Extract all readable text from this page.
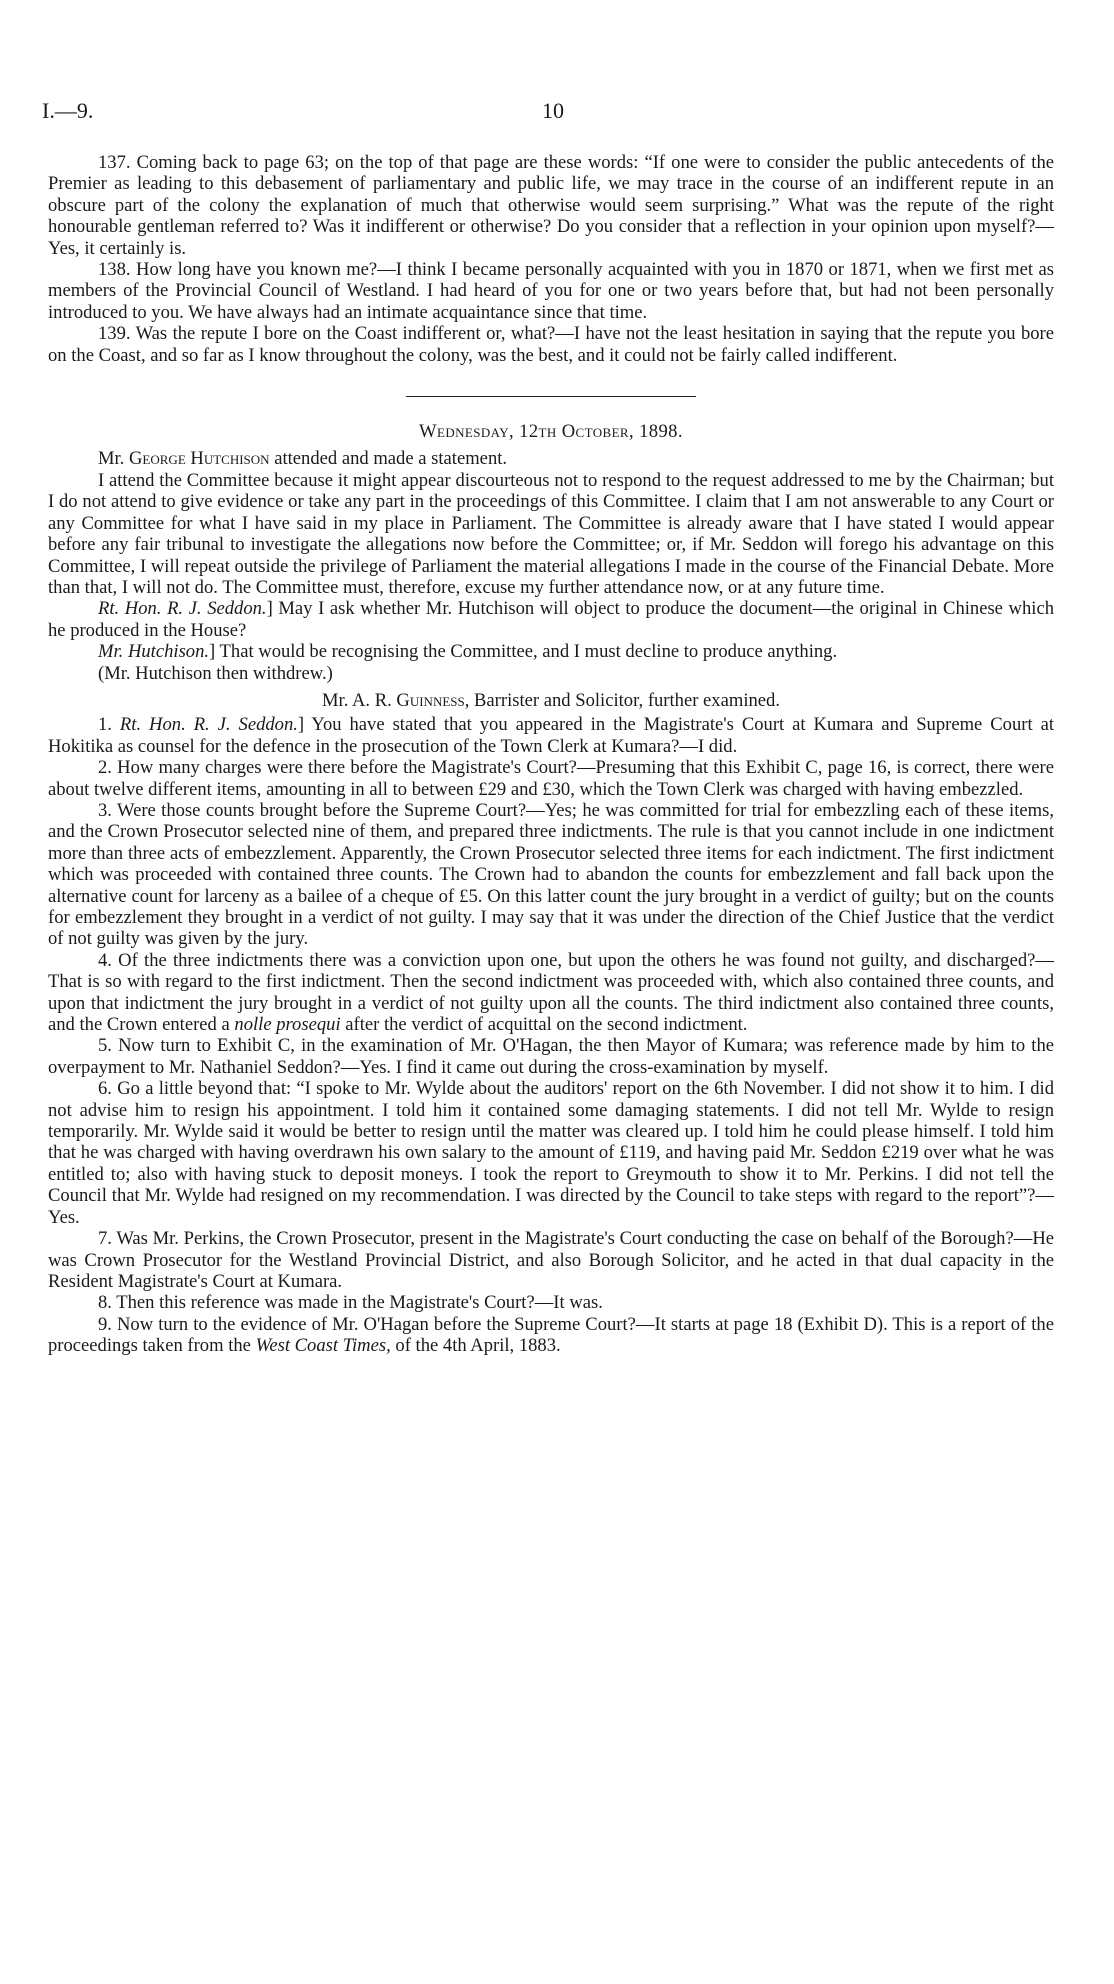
I.—9.	10

137. Coming back to page 63; on the top of that page are these words: “If one were to consider the public antecedents of the Premier as leading to this debasement of parliamentary and public life, we may trace in the course of an indifferent repute in an obscure part of the colony the explanation of much that otherwise would seem surprising.” What was the repute of the right honourable gentleman referred to? Was it indifferent or otherwise? Do you consider that a reflection in your opinion upon myself?—Yes, it certainly is.

138. How long have you known me?—I think I became personally acquainted with you in 1870 or 1871, when we first met as members of the Provincial Council of Westland. I had heard of you for one or two years before that, but had not been personally introduced to you. We have always had an intimate acquaintance since that time.

139. Was the repute I bore on the Coast indifferent or, what?—I have not the least hesitation in saying that the repute you bore on the Coast, and so far as I know throughout the colony, was the best, and it could not be fairly called indifferent.

Wednesday, 12th October, 1898.

Mr. George Hutchison attended and made a statement.

I attend the Committee because it might appear discourteous not to respond to the request addressed to me by the Chairman; but I do not attend to give evidence or take any part in the proceedings of this Committee. I claim that I am not answerable to any Court or any Committee for what I have said in my place in Parliament. The Committee is already aware that I have stated I would appear before any fair tribunal to investigate the allegations now before the Committee; or, if Mr. Seddon will forego his advantage on this Committee, I will repeat outside the privilege of Parliament the material allegations I made in the course of the Financial Debate. More than that, I will not do. The Committee must, therefore, excuse my further attendance now, or at any future time.

Rt. Hon. R. J. Seddon.] May I ask whether Mr. Hutchison will object to produce the document—the original in Chinese which he produced in the House?

Mr. Hutchison.] That would be recognising the Committee, and I must decline to produce anything.

(Mr. Hutchison then withdrew.)

Mr. A. R. Guinness, Barrister and Solicitor, further examined.

1. Rt. Hon. R. J. Seddon.] You have stated that you appeared in the Magistrate's Court at Kumara and Supreme Court at Hokitika as counsel for the defence in the prosecution of the Town Clerk at Kumara?—I did.

2. How many charges were there before the Magistrate's Court?—Presuming that this Exhibit C, page 16, is correct, there were about twelve different items, amounting in all to between £29 and £30, which the Town Clerk was charged with having embezzled.

3. Were those counts brought before the Supreme Court?—Yes; he was committed for trial for embezzling each of these items, and the Crown Prosecutor selected nine of them, and prepared three indictments. The rule is that you cannot include in one indictment more than three acts of embezzlement. Apparently, the Crown Prosecutor selected three items for each indictment. The first indictment which was proceeded with contained three counts. The Crown had to abandon the counts for embezzlement and fall back upon the alternative count for larceny as a bailee of a cheque of £5. On this latter count the jury brought in a verdict of guilty; but on the counts for embezzlement they brought in a verdict of not guilty. I may say that it was under the direction of the Chief Justice that the verdict of not guilty was given by the jury.

4. Of the three indictments there was a conviction upon one, but upon the others he was found not guilty, and discharged?—That is so with regard to the first indictment. Then the second indictment was proceeded with, which also contained three counts, and upon that indictment the jury brought in a verdict of not guilty upon all the counts. The third indictment also contained three counts, and the Crown entered a nolle prosequi after the verdict of acquittal on the second indictment.

5. Now turn to Exhibit C, in the examination of Mr. O'Hagan, the then Mayor of Kumara; was reference made by him to the overpayment to Mr. Nathaniel Seddon?—Yes. I find it came out during the cross-examination by myself.

6. Go a little beyond that: “I spoke to Mr. Wylde about the auditors' report on the 6th November. I did not show it to him. I did not advise him to resign his appointment. I told him it contained some damaging statements. I did not tell Mr. Wylde to resign temporarily. Mr. Wylde said it would be better to resign until the matter was cleared up. I told him he could please himself. I told him that he was charged with having overdrawn his own salary to the amount of £119, and having paid Mr. Seddon £219 over what he was entitled to; also with having stuck to deposit moneys. I took the report to Greymouth to show it to Mr. Perkins. I did not tell the Council that Mr. Wylde had resigned on my recommendation. I was directed by the Council to take steps with regard to the report”?—Yes.

7. Was Mr. Perkins, the Crown Prosecutor, present in the Magistrate's Court conducting the case on behalf of the Borough?—He was Crown Prosecutor for the Westland Provincial District, and also Borough Solicitor, and he acted in that dual capacity in the Resident Magistrate's Court at Kumara.

8. Then this reference was made in the Magistrate's Court?—It was.

9. Now turn to the evidence of Mr. O'Hagan before the Supreme Court?—It starts at page 18 (Exhibit D). This is a report of the proceedings taken from the West Coast Times, of the 4th April, 1883.
